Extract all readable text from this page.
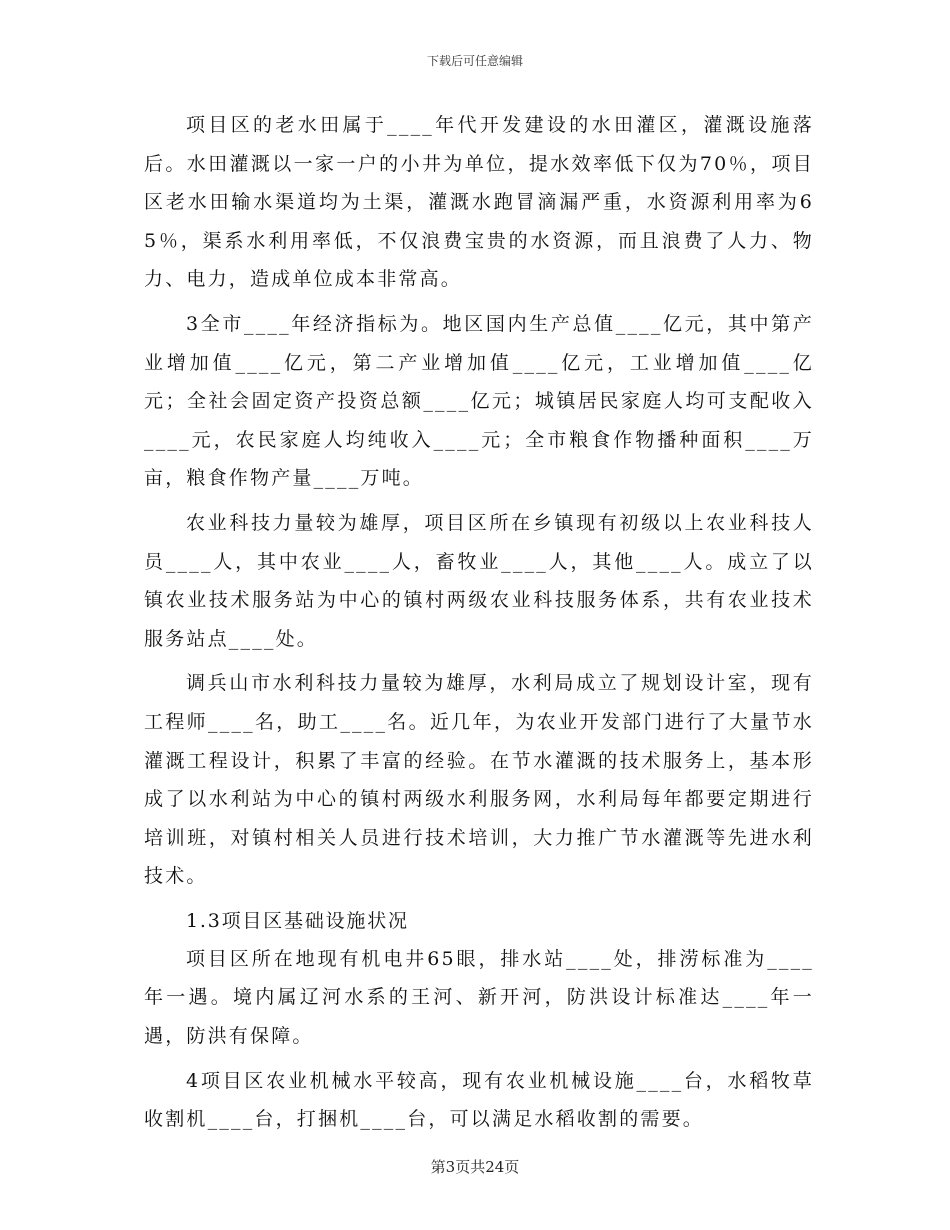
下载后可任意编辑

项目区的老水田属于____年代开发建设的水田灌区，灌溉设施落后。水田灌溉以一家一户的小井为单位，提水效率低下仅为70％，项目区老水田输水渠道均为土渠，灌溉水跑冒滴漏严重，水资源利用率为65％，渠系水利用率低，不仅浪费宝贵的水资源，而且浪费了人力、物力、电力，造成单位成本非常高。

3全市____年经济指标为。地区国内生产总值____亿元，其中第产业增加值____亿元，第二产业增加值____亿元，工业增加值____亿元；全社会固定资产投资总额____亿元；城镇居民家庭人均可支配收入____元，农民家庭人均纯收入____元；全市粮食作物播种面积____万亩，粮食作物产量____万吨。

农业科技力量较为雄厚，项目区所在乡镇现有初级以上农业科技人员____人，其中农业____人，畜牧业____人，其他____人。成立了以镇农业技术服务站为中心的镇村两级农业科技服务体系，共有农业技术服务站点____处。

调兵山市水利科技力量较为雄厚，水利局成立了规划设计室，现有工程师____名，助工____名。近几年，为农业开发部门进行了大量节水灌溉工程设计，积累了丰富的经验。在节水灌溉的技术服务上，基本形成了以水利站为中心的镇村两级水利服务网，水利局每年都要定期进行培训班，对镇村相关人员进行技术培训，大力推广节水灌溉等先进水利技术。

1.3项目区基础设施状况

项目区所在地现有机电井65眼，排水站____处，排涝标准为____年一遇。境内属辽河水系的王河、新开河，防洪设计标准达____年一遇，防洪有保障。

4项目区农业机械水平较高，现有农业机械设施____台，水稻牧草收割机____台，打捆机____台，可以满足水稻收割的需要。

第3页共24页
